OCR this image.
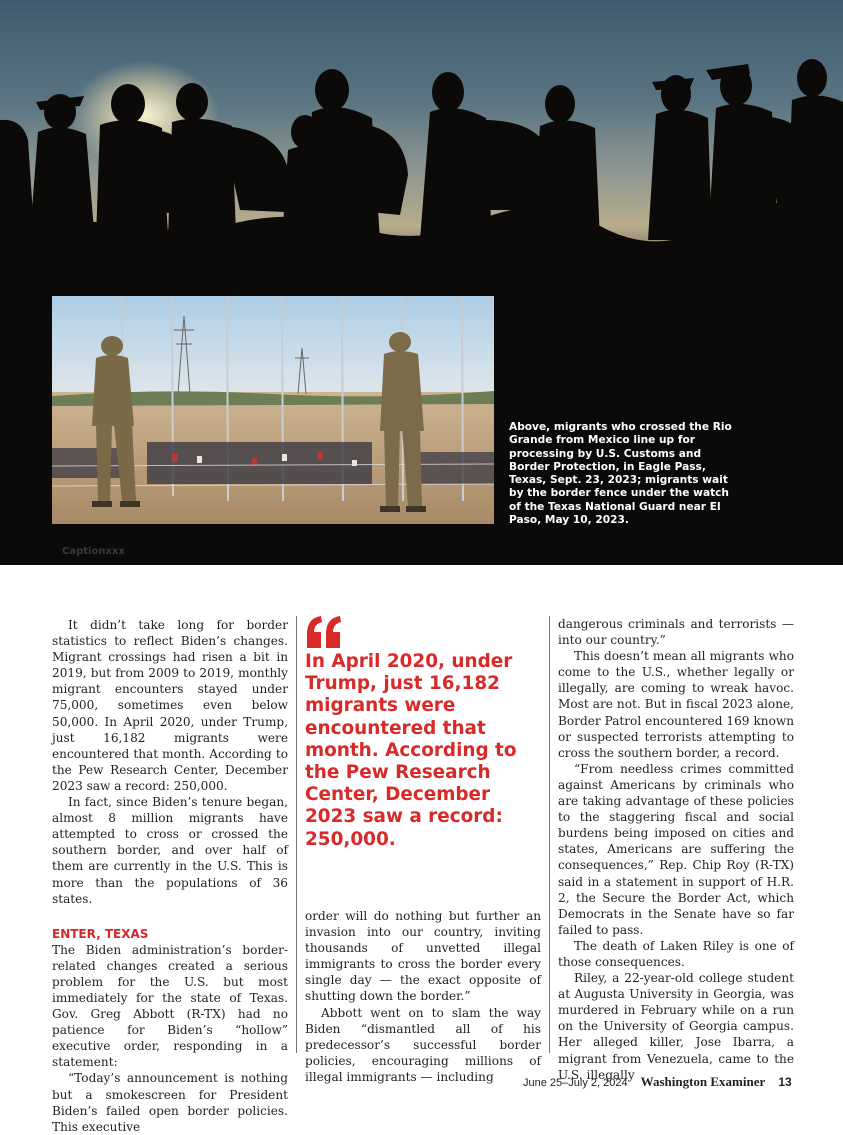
Above, migrants who crossed the Rio Grande from Mexico line up for processing by U.S. Customs and Border Protection, in Eagle Pass, Texas, Sept. 23, 2023; migrants wait by the border fence under the watch of the Texas National Guard near El Paso, May 10, 2023.
Captionxxx

It didn’t take long for border statistics to reflect Biden’s changes. Migrant crossings had risen a bit in 2019, but from 2009 to 2019, monthly migrant encounters stayed under 75,000, sometimes even below 50,000. In April 2020, under Trump, just 16,182 migrants were encountered that month. According to the Pew Research Center, December 2023 saw a record: 250,000.

In fact, since Biden’s tenure began, almost 8 million migrants have attempted to cross or crossed the southern border, and over half of them are currently in the U.S. This is more than the populations of 36 states.

ENTER, TEXAS

The Biden administration’s border-related changes created a serious problem for the U.S. but most immediately for the state of Texas. Gov. Greg Abbott (R-TX) had no patience for Biden’s “hollow” executive order, responding in a statement:

“Today’s announcement is nothing but a smokescreen for President Biden’s failed open border policies. This executive

In April 2020, under Trump, just 16,182 migrants were encountered that month. According to the Pew Research Center, December 2023 saw a record: 250,000.

order will do nothing but further an invasion into our country, inviting thousands of unvetted illegal immigrants to cross the border every single day — the exact opposite of shutting down the border.”

Abbott went on to slam the way Biden “dismantled all of his predecessor’s successful border policies, encouraging millions of illegal immigrants — including

dangerous criminals and terrorists — into our country.”

This doesn’t mean all migrants who come to the U.S., whether legally or illegally, are coming to wreak havoc. Most are not. But in fiscal 2023 alone, Border Patrol encountered 169 known or suspected terrorists attempting to cross the southern border, a record.

“From needless crimes committed against Americans by criminals who are taking advantage of these policies to the staggering fiscal and social burdens being imposed on cities and states, Americans are suffering the consequences,” Rep. Chip Roy (R-TX) said in a statement in support of H.R. 2, the Secure the Border Act, which Democrats in the Senate have so far failed to pass.

The death of Laken Riley is one of those consequences.

Riley, a 22-year-old college student at Augusta University in Georgia, was murdered in February while on a run on the University of Georgia campus. Her alleged killer, Jose Ibarra, a migrant from Venezuela, came to the U.S. illegally

June 25–July 2, 2024 Washington Examiner 13
